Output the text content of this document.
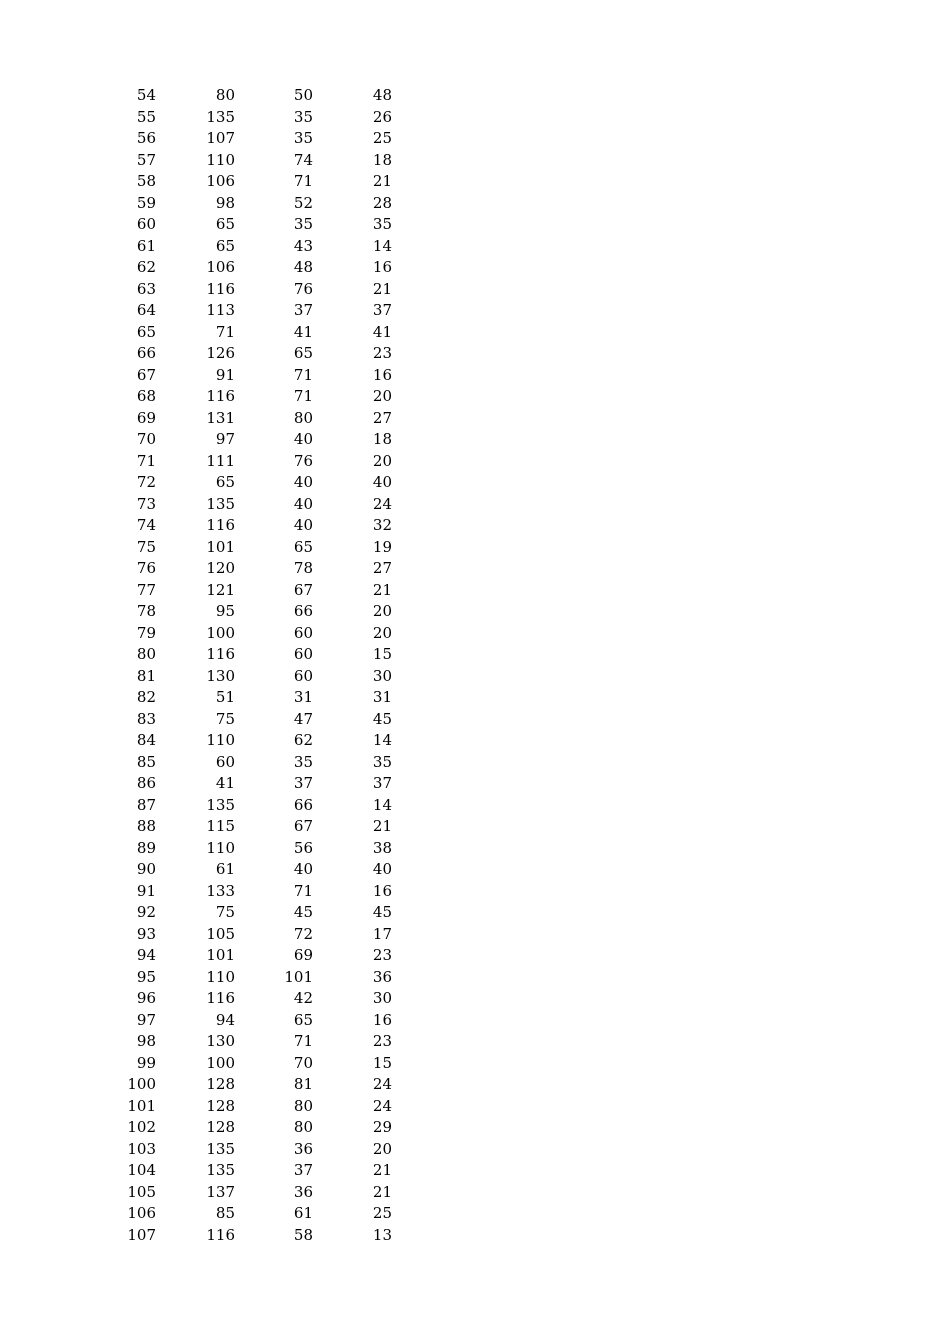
54	80	50	48
55	135	35	26
56	107	35	25
57	110	74	18
58	106	71	21
59	98	52	28
60	65	35	35
61	65	43	14
62	106	48	16
63	116	76	21
64	113	37	37
65	71	41	41
66	126	65	23
67	91	71	16
68	116	71	20
69	131	80	27
70	97	40	18
71	111	76	20
72	65	40	40
73	135	40	24
74	116	40	32
75	101	65	19
76	120	78	27
77	121	67	21
78	95	66	20
79	100	60	20
80	116	60	15
81	130	60	30
82	51	31	31
83	75	47	45
84	110	62	14
85	60	35	35
86	41	37	37
87	135	66	14
88	115	67	21
89	110	56	38
90	61	40	40
91	133	71	16
92	75	45	45
93	105	72	17
94	101	69	23
95	110	101	36
96	116	42	30
97	94	65	16
98	130	71	23
99	100	70	15
100	128	81	24
101	128	80	24
102	128	80	29
103	135	36	20
104	135	37	21
105	137	36	21
106	85	61	25
107	116	58	13
